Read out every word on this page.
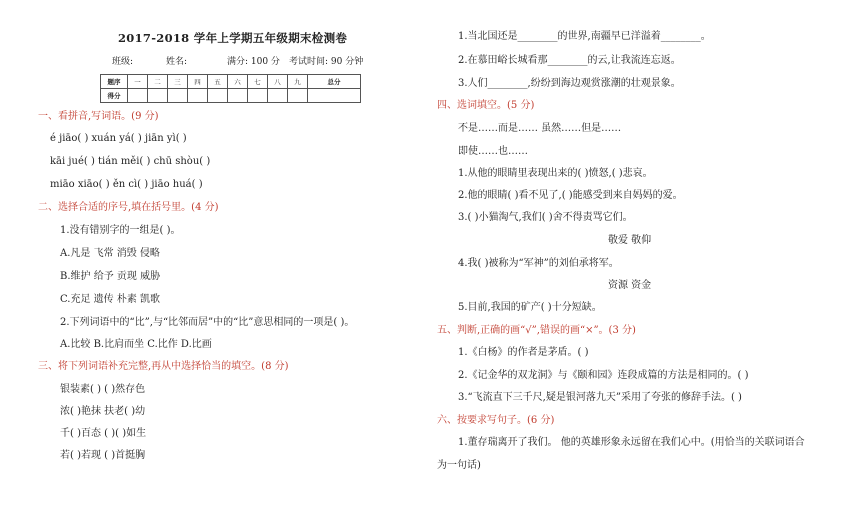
2017-2018 学年上学期五年级期末检测卷
班级:	姓名:	满分: 100 分 考试时间: 90 分钟
题序	一	二	三	四	五	六	七	八	九	总分
得分										
一、看拼音,写词语。(9 分)
é jiāo( ) xuán yá( ) jiān yì( )
kāi jué( ) tián měi( ) chū shòu( )
miāo xiāo( ) ěn cì( ) jiāo huá( )
二、选择合适的序号,填在括号里。(4 分)
1.没有错别字的一组是( )。
A.凡是 飞常 消毁 侵略
B.维护 给予 贡现 威胁
C.充足 遗传 朴素 凯歌
2.下列词语中的“比”,与“比邻而居”中的“比”意思相同的一项是( )。
A.比较 B.比肩而坐 C.比作 D.比画
三、将下列词语补充完整,再从中选择恰当的填空。(8 分)
银装素( ) ( )然存色
浓( )艳抹 扶老( )幼
千( )百态 ( )( )如生
若( )若现 ( )首挺胸
1.当北国还是________的世界,南疆早已洋溢着________。
2.在慕田峪长城看那________的云,让我流连忘返。
3.人们________,纷纷到海边观赏涨潮的壮观景象。
四、选词填空。(5 分)
不是……而是…… 虽然……但是……
即使……也……
1.从他的眼睛里表现出来的( )愤怒,( )悲哀。
2.他的眼睛( )看不见了,( )能感受到来自妈妈的爱。
3.( )小猫淘气,我们( )舍不得责骂它们。
敬爱 敬仰
4.我( )被称为“军神”的刘伯承将军。
资源 资金
5.目前,我国的矿产( )十分短缺。
五、判断,正确的画“√”,错误的画“×”。(3 分)
1.《白杨》的作者是茅盾。( )
2.《记金华的双龙洞》与《颐和园》连段成篇的方法是相同的。( )
3.“飞流直下三千尺,疑是银河落九天”采用了夸张的修辞手法。( )
六、按要求写句子。(6 分)
1.董存瑞离开了我们。 他的英雄形象永远留在我们心中。(用恰当的关联词语合
为一句话)
